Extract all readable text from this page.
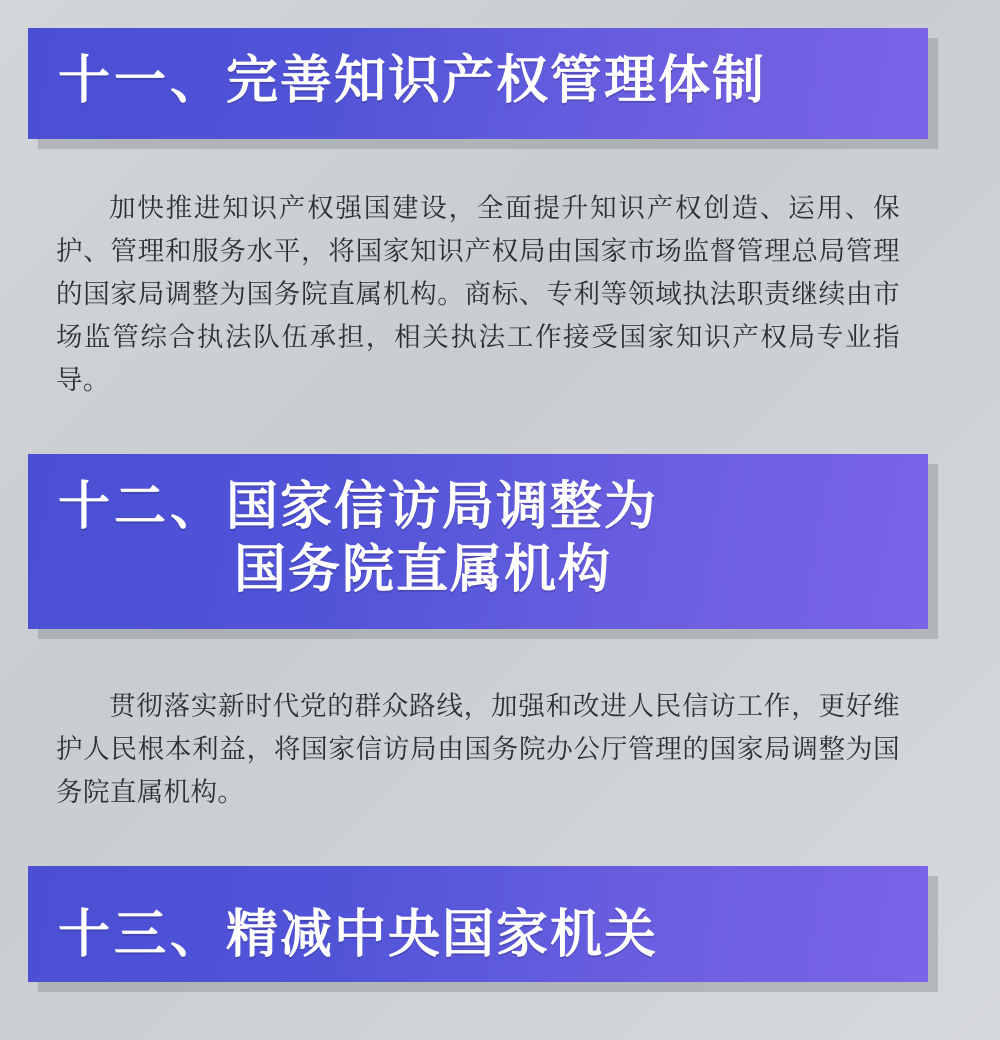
十一、完善知识产权管理体制

加快推进知识产权强国建设，全面提升知识产权创造、运用、保护、管理和服务水平，将国家知识产权局由国家市场监督管理总局管理的国家局调整为国务院直属机构。商标、专利等领域执法职责继续由市场监管综合执法队伍承担，相关执法工作接受国家知识产权局专业指导。

十二、国家信访局调整为
国务院直属机构

贯彻落实新时代党的群众路线，加强和改进人民信访工作，更好维护人民根本利益，将国家信访局由国务院办公厅管理的国家局调整为国务院直属机构。

十三、精减中央国家机关
